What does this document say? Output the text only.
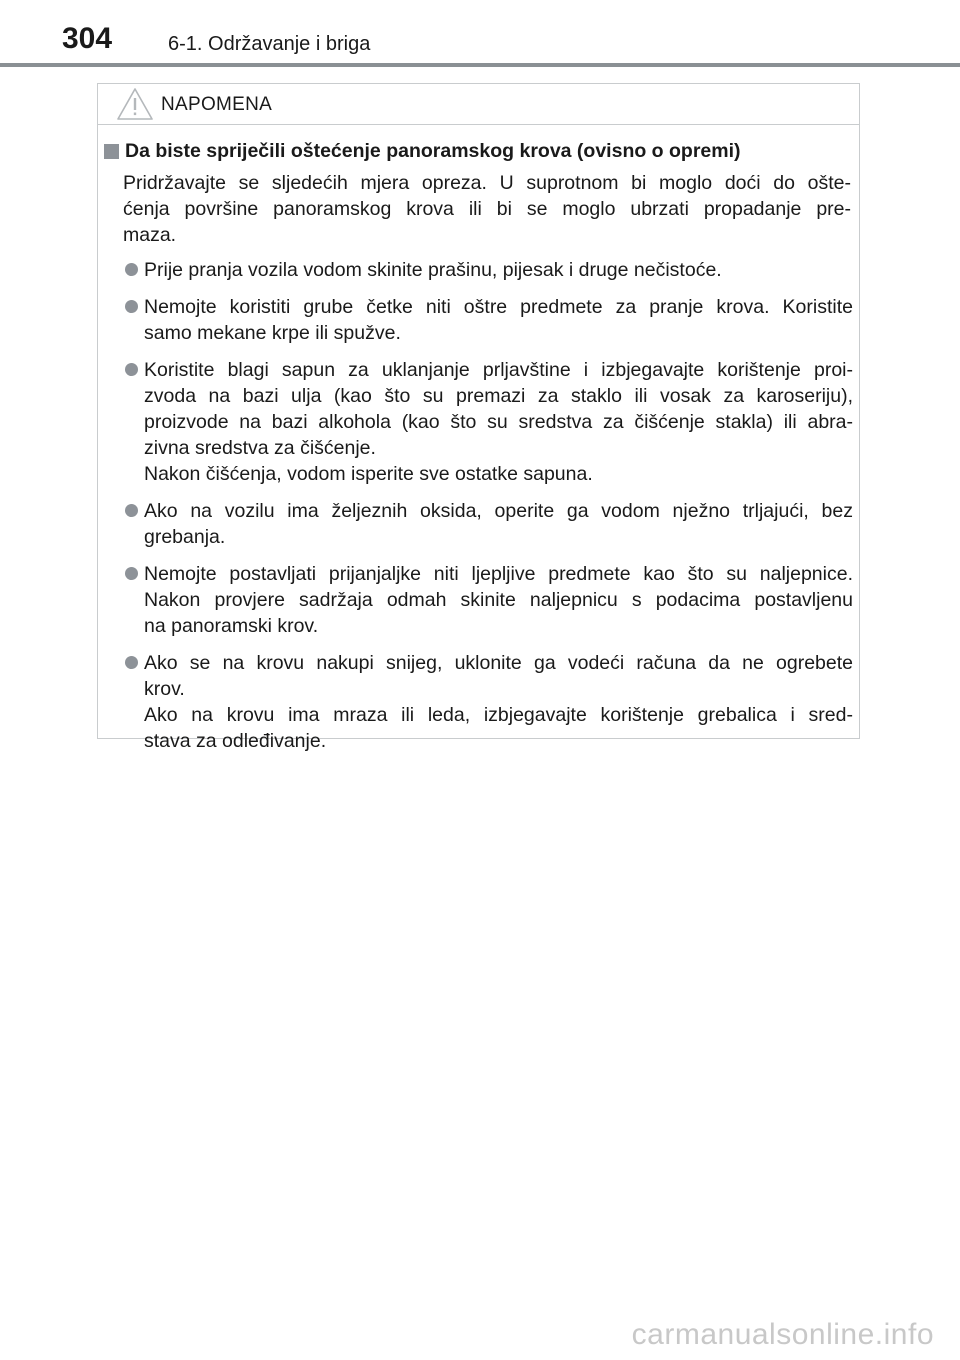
304	6-1. Održavanje i briga
NAPOMENA
Da biste spriječili oštećenje panoramskog krova (ovisno o opremi)
Pridržavajte se sljedećih mjera opreza. U suprotnom bi moglo doći do ošte-
ćenja površine panoramskog krova ili bi se moglo ubrzati propadanje pre-
maza.
Prije pranja vozila vodom skinite prašinu, pijesak i druge nečistoće.
Nemojte koristiti grube četke niti oštre predmete za pranje krova. Koristite
samo mekane krpe ili spužve.
Koristite blagi sapun za uklanjanje prljavštine i izbjegavajte korištenje proi-
zvoda na bazi ulja (kao što su premazi za staklo ili vosak za karoseriju),
proizvode na bazi alkohola (kao što su sredstva za čišćenje stakla) ili abra-
zivna sredstva za čišćenje.
Nakon čišćenja, vodom isperite sve ostatke sapuna.
Ako na vozilu ima željeznih oksida, operite ga vodom nježno trljajući, bez
grebanja.
Nemojte postavljati prijanjaljke niti ljepljive predmete kao što su naljepnice.
Nakon provjere sadržaja odmah skinite naljepnicu s podacima postavljenu
na panoramski krov.
Ako se na krovu nakupi snijeg, uklonite ga vodeći računa da ne ogrebete
krov.
Ako na krovu ima mraza ili leda, izbjegavajte korištenje grebalica i sred-
stava za odleđivanje.
carmanualsonline.info
